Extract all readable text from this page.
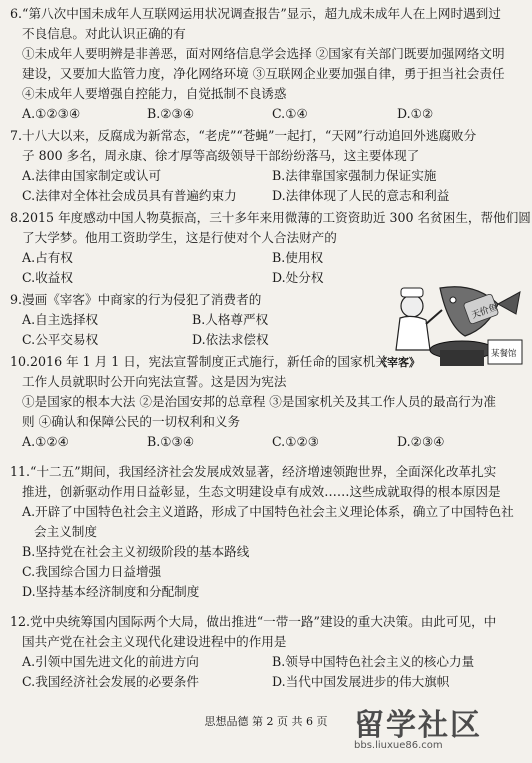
6.“第八次中国未成年人互联网运用状况调查报告”显示，超九成未成年人在上网时遇到过
不良信息。对此认识正确的有
①未成年人要明辨是非善恶，面对网络信息学会选择 ②国家有关部门既要加强网络文明
建设，又要加大监管力度，净化网络环境 ③互联网企业要加强自律，勇于担当社会责任
④未成年人要增强自控能力，自觉抵制不良诱惑
A.①②③④	B.②③④	C.①④	D.①②
7.十八大以来，反腐成为新常态，“老虎”“苍蝇”一起打，“天网”行动追回外逃腐败分
子 800 多名，周永康、徐才厚等高级领导干部纷纷落马，这主要体现了
A.法律由国家制定或认可	B.法律靠国家强制力保证实施
C.法律对全体社会成员具有普遍约束力	D.法律体现了人民的意志和利益
8.2015 年度感动中国人物莫振高，三十多年来用微薄的工资资助近 300 名贫困生，帮他们圆
了大学梦。他用工资助学生，这是行使对个人合法财产的
A.占有权	B.使用权
C.收益权	D.处分权
9.漫画《宰客》中商家的行为侵犯了消费者的
A.自主选择权	B.人格尊严权
C.公平交易权	D.依法求偿权
天价鱼
某餐馆
《宰客》
10.2016 年 1 月 1 日，宪法宣誓制度正式施行，新任命的国家机关
工作人员就职时公开向宪法宣誓。这是因为宪法
①是国家的根本大法 ②是治国安邦的总章程 ③是国家机关及其工作人员的最高行为准
则 ④确认和保障公民的一切权利和义务
A.①②④	B.①③④	C.①②③	D.②③④
11.“十二五”期间，我国经济社会发展成效显著，经济增速领跑世界，全面深化改革扎实
推进，创新驱动作用日益彰显，生态文明建设卓有成效……这些成就取得的根本原因是
A.开辟了中国特色社会主义道路，形成了中国特色社会主义理论体系，确立了中国特色社
会主义制度
B.坚持党在社会主义初级阶段的基本路线
C.我国综合国力日益增强
D.坚持基本经济制度和分配制度
12.党中央统筹国内国际两个大局，做出推进“一带一路”建设的重大决策。由此可见，中
国共产党在社会主义现代化建设进程中的作用是
A.引领中国先进文化的前进方向	B.领导中国特色社会主义的核心力量
C.我国经济社会发展的必要条件	D.当代中国发展进步的伟大旗帜
思想品德 第 2 页 共 6 页 留学社区
bbs.liuxue86.com
